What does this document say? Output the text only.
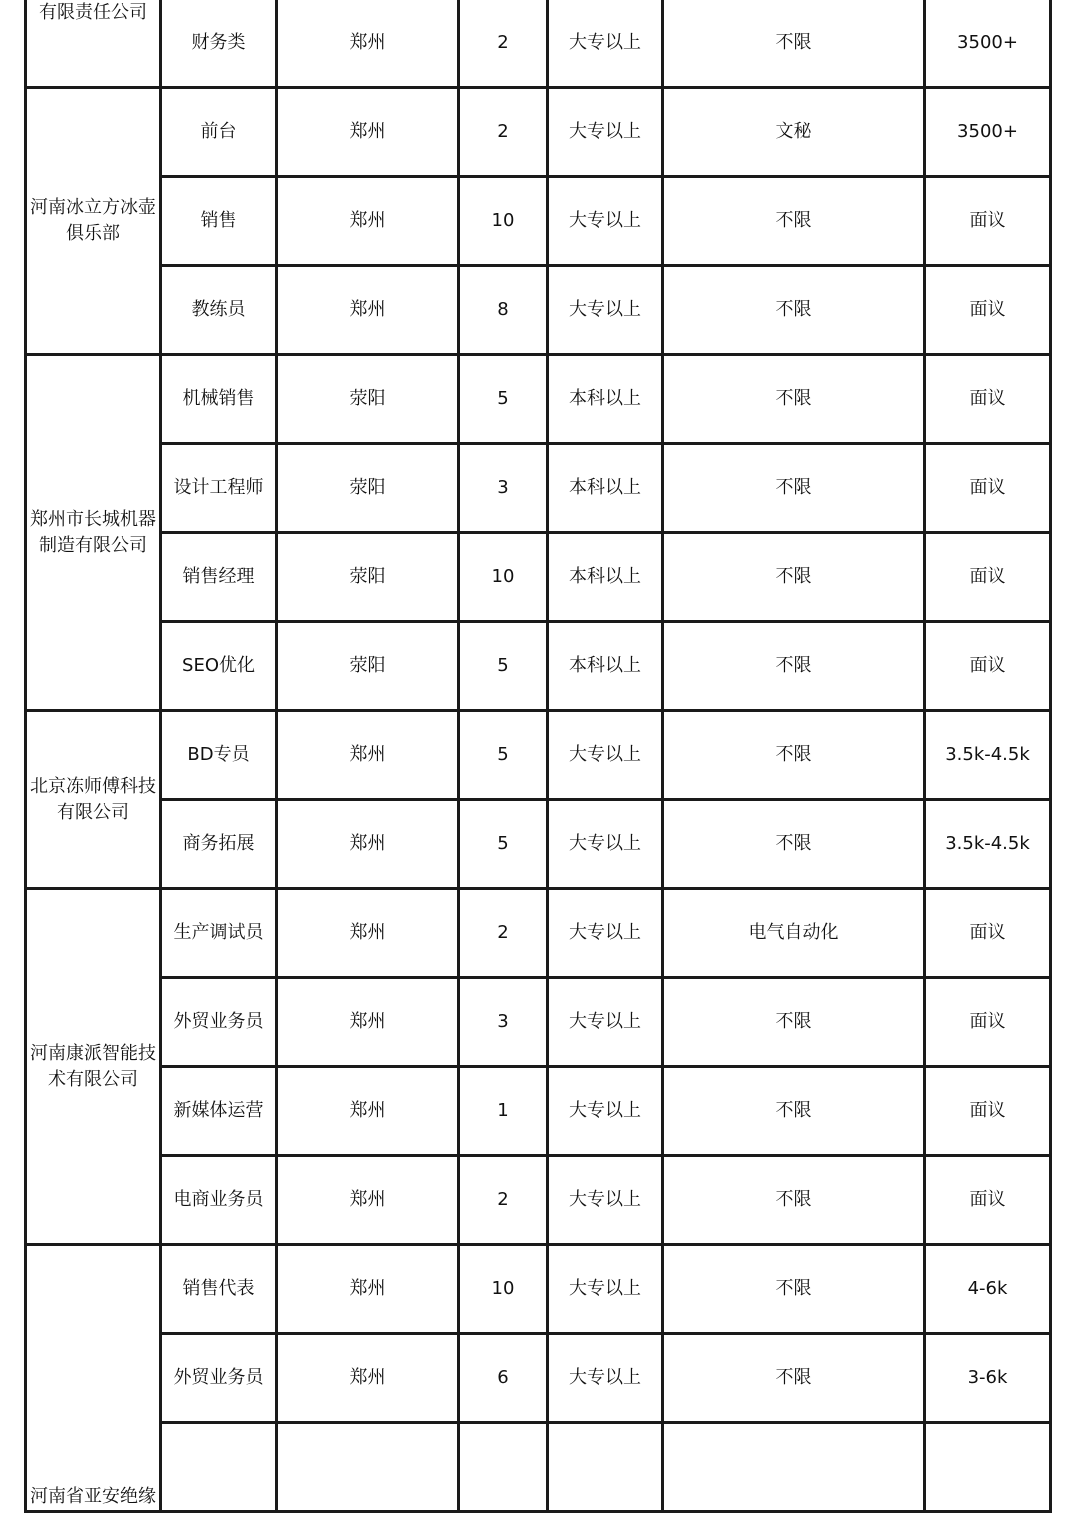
有限责任公司	财务类	郑州	2	大专以上	不限	3500+

河南冰立方冰壶
俱乐部	前台	郑州	2	大专以上	文秘	3500+
	销售	郑州	10	大专以上	不限	面议
	教练员	郑州	8	大专以上	不限	面议

郑州市长城机器
制造有限公司	机械销售	荥阳	5	本科以上	不限	面议
	设计工程师	荥阳	3	本科以上	不限	面议
	销售经理	荥阳	10	本科以上	不限	面议
	SEO优化	荥阳	5	本科以上	不限	面议

北京冻师傅科技
有限公司	BD专员	郑州	5	大专以上	不限	3.5k-4.5k
	商务拓展	郑州	5	大专以上	不限	3.5k-4.5k

河南康派智能技
术有限公司	生产调试员	郑州	2	大专以上	电气自动化	面议
	外贸业务员	郑州	3	大专以上	不限	面议
	新媒体运营	郑州	1	大专以上	不限	面议
	电商业务员	郑州	2	大专以上	不限	面议

河南省亚安绝缘	销售代表	郑州	10	大专以上	不限	4-6k
	外贸业务员	郑州	6	大专以上	不限	3-6k
